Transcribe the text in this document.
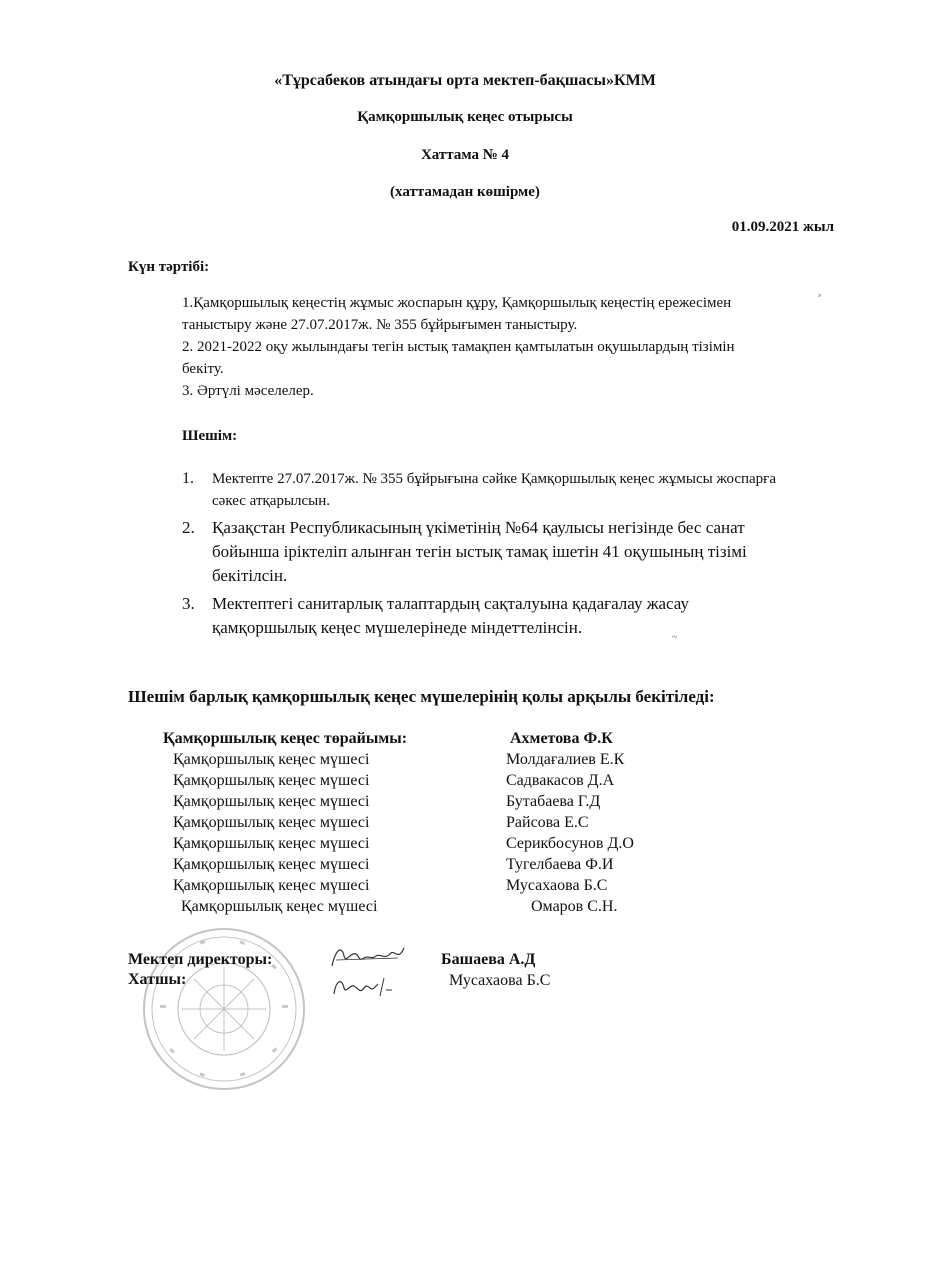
«Тұрсабеков атындағы орта мектеп-бақшасы»КММ
Қамқоршылық кеңес отырысы
Хаттама № 4
(хаттамадан көшірме)
01.09.2021 жыл
Күн тәртібі:

1.Қамқоршылық кеңестің жұмыс жоспарын құру, Қамқоршылық кеңестің ережесімен

таныстыру және 27.07.2017ж. № 355 бұйрығымен таныстыру.

2. 2021-2022 оқу жылындағы тегін ыстық тамақпен қамтылатын оқушылардың тізімін

бекіту.

3. Әртүлі мәселелер.

Шешім:
1.	Мектепте 27.07.2017ж. № 355 бұйрығына сәйке Қамқоршылық кеңес жұмысы жоспарға сәкес атқарылсын.
2.	Қазақстан Республикасының үкіметінің №64 қаулысы негізінде бес санат бойынша іріктеліп алынған тегін ыстық тамақ ішетін 41 оқушының тізімі бекітілсін.
3.	Мектептегі санитарлық талаптардың сақталуына қадағалау жасау қамқоршылық кеңес мүшелерінеде міндеттелінсін.
Шешім барлық қамқоршылық кеңес мүшелерінің қолы арқылы бекітіледі:
Қамқоршылық кеңес төрайымы:	Ахметова Ф.К
Қамқоршылық кеңес мүшесі	Молдағалиев Е.К
Қамқоршылық кеңес мүшесі	Садвакасов Д.А
Қамқоршылық кеңес мүшесі	Бутабаева Г.Д
Қамқоршылық кеңес мүшесі	Райсова Е.С
Қамқоршылық кеңес мүшесі	Серикбосунов Д.О
Қамқоршылық кеңес мүшесі	Тугелбаева Ф.И
Қамқоршылық кеңес мүшесі	Мусахаова Б.С
Қамқоршылық кеңес мүшесі	Омаров С.Н.
Мектеп директоры:	Башаева А.Д
Хатшы:	Мусахаова Б.С
⸗
~
